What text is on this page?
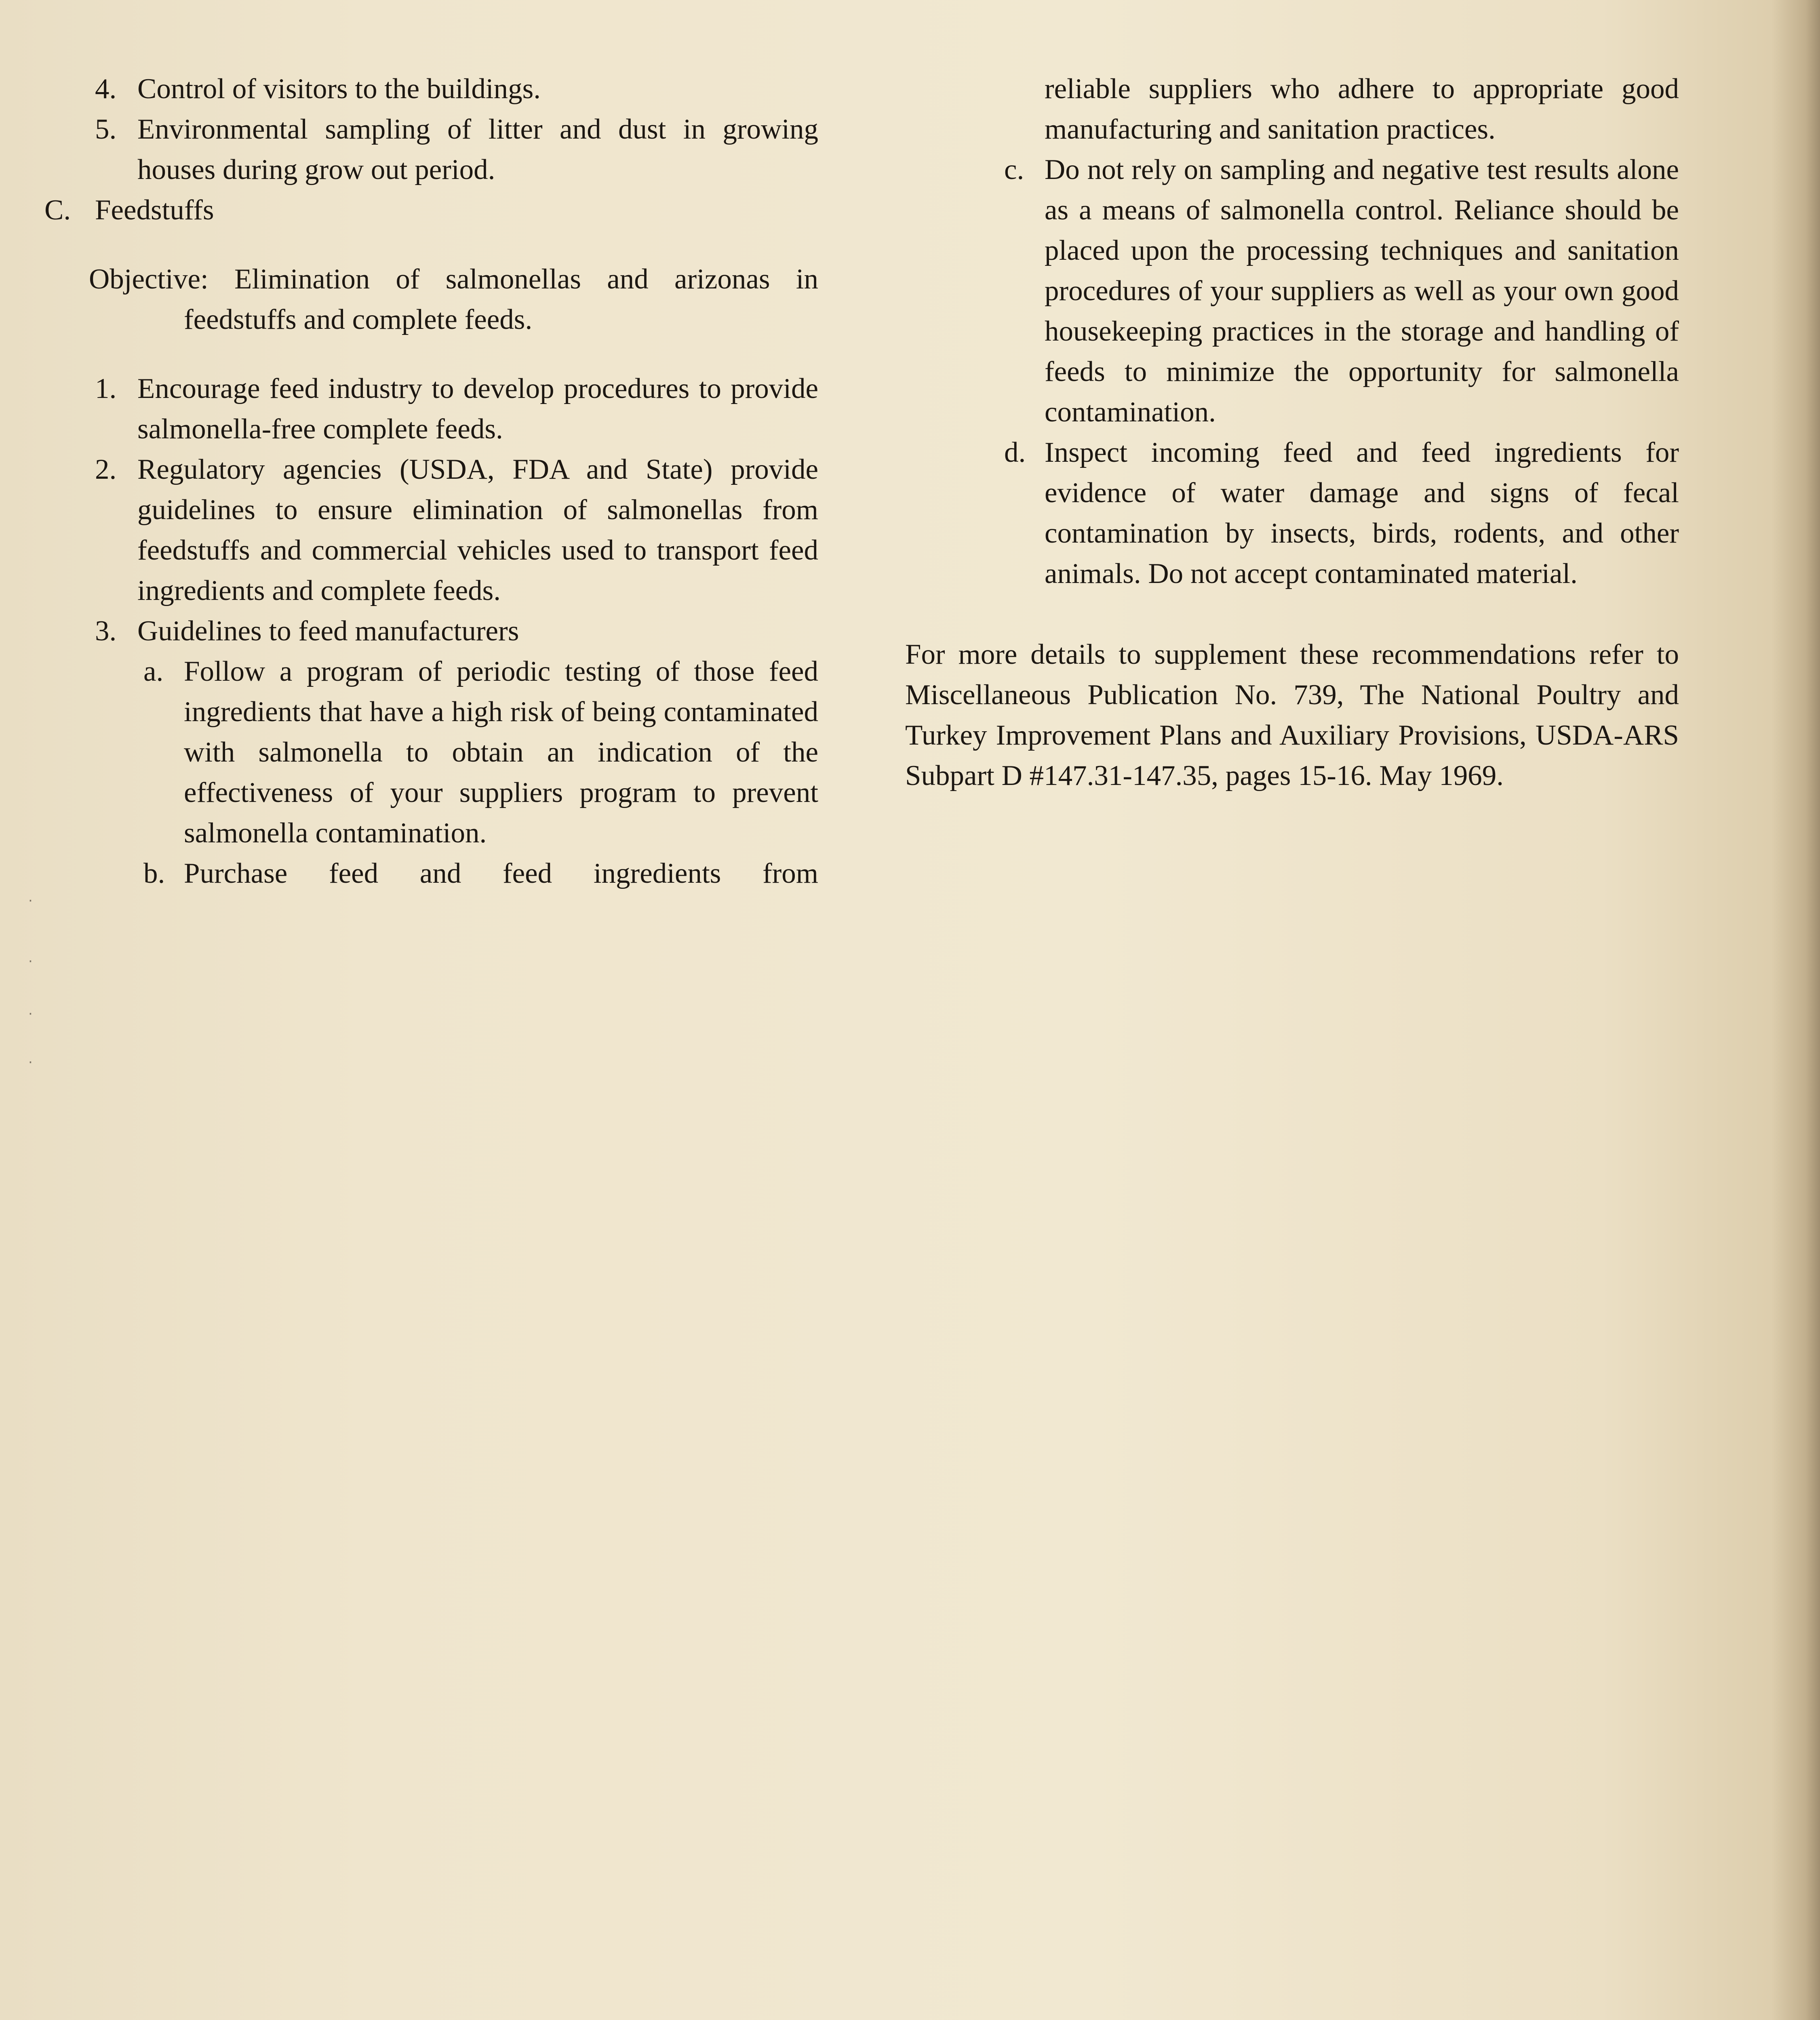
4. Control of visitors to the buildings.

5. Environmental sampling of litter and dust in growing houses during grow out period.

C. Feedstuffs

Objective: Elimination of salmonellas and arizonas in feedstuffs and complete feeds.

1. Encourage feed industry to develop procedures to provide salmonella-free complete feeds.

2. Regulatory agencies (USDA, FDA and State) provide guidelines to ensure elimination of salmonellas from feedstuffs and commercial vehicles used to transport feed ingredients and complete feeds.

3. Guidelines to feed manufacturers

a. Follow a program of periodic testing of those feed ingredients that have a high risk of being contaminated with salmonella to obtain an indication of the effectiveness of your suppliers program to prevent salmonella contamination.

b. Purchase feed and feed ingredients from

reliable suppliers who adhere to appropriate good manufacturing and sanitation practices.

c. Do not rely on sampling and negative test results alone as a means of salmonella control. Reliance should be placed upon the processing techniques and sanitation procedures of your suppliers as well as your own good housekeeping practices in the storage and handling of feeds to minimize the opportunity for salmonella contamination.

d. Inspect incoming feed and feed ingredients for evidence of water damage and signs of fecal contamination by insects, birds, rodents, and other animals. Do not accept contaminated material.

For more details to supplement these recommendations refer to Miscellaneous Publication No. 739, The National Poultry and Turkey Improvement Plans and Auxiliary Provisions, USDA-ARS Subpart D #147.31-147.35, pages 15-16. May 1969.

·
·
·
·
